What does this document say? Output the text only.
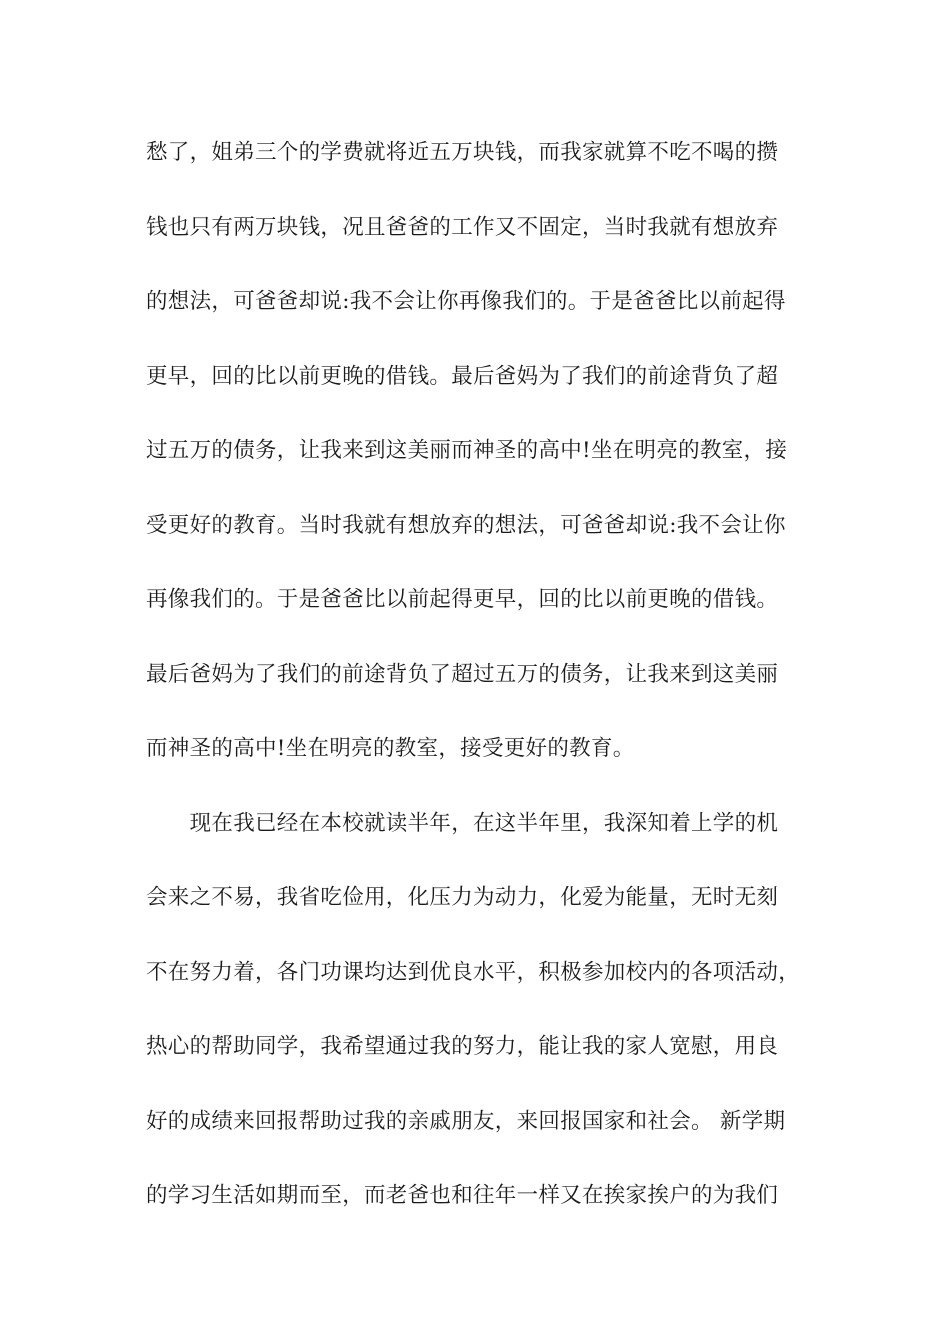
愁了，姐弟三个的学费就将近五万块钱，而我家就算不吃不喝的攒
钱也只有两万块钱，况且爸爸的工作又不固定，当时我就有想放弃
的想法，可爸爸却说:我不会让你再像我们的。于是爸爸比以前起得
更早，回的比以前更晚的借钱。最后爸妈为了我们的前途背负了超
过五万的债务，让我来到这美丽而神圣的高中!坐在明亮的教室，接
受更好的教育。当时我就有想放弃的想法，可爸爸却说:我不会让你
再像我们的。于是爸爸比以前起得更早，回的比以前更晚的借钱。
最后爸妈为了我们的前途背负了超过五万的债务，让我来到这美丽
而神圣的高中!坐在明亮的教室，接受更好的教育。
　　现在我已经在本校就读半年，在这半年里，我深知着上学的机
会来之不易，我省吃俭用，化压力为动力，化爱为能量，无时无刻
不在努力着，各门功课均达到优良水平，积极参加校内的各项活动，
热心的帮助同学，我希望通过我的努力，能让我的家人宽慰，用良
好的成绩来回报帮助过我的亲戚朋友，来回报国家和社会。 新学期
的学习生活如期而至，而老爸也和往年一样又在挨家挨户的为我们
